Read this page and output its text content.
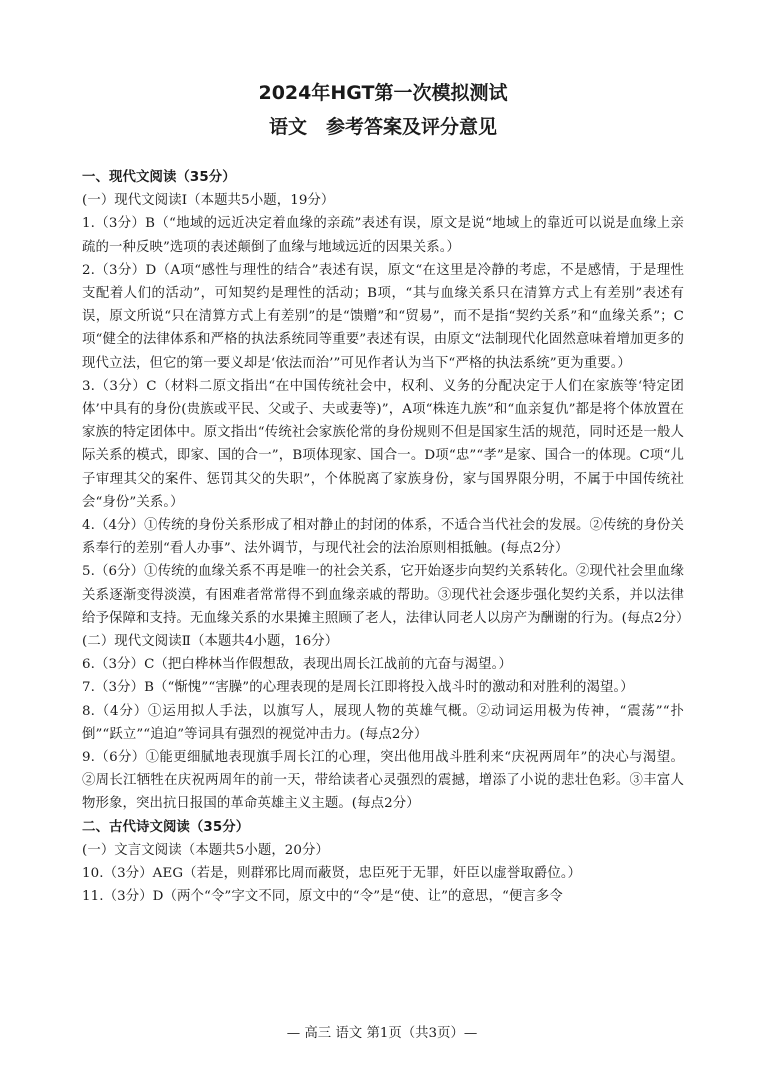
2024年HGT第一次模拟测试
语文　参考答案及评分意见

一、现代文阅读（35分）

(一）现代文阅读Ⅰ（本题共5小题，19分）

1.（3分）B（“地域的远近决定着血缘的亲疏”表述有误，原文是说“地域上的靠近可以说是血缘上亲疏的一种反映”选项的表述颠倒了血缘与地域远近的因果关系。）

2.（3分）D（A项“感性与理性的结合”表述有误，原文“在这里是冷静的考虑，不是感情，于是理性支配着人们的活动”，可知契约是理性的活动；B项，“其与血缘关系只在清算方式上有差别”表述有误，原文所说“只在清算方式上有差别”的是“馈赠”和“贸易”，而不是指“契约关系”和“血缘关系”；C项“健全的法律体系和严格的执法系统同等重要”表述有误，由原文“法制现代化固然意味着增加更多的现代立法，但它的第一要义却是‘依法而治’”可见作者认为当下“严格的执法系统”更为重要。）

3.（3分）C（材料二原文指出“在中国传统社会中，权利、义务的分配决定于人们在家族等‘特定团体’中具有的身份(贵族或平民、父或子、夫或妻等)”，A项“株连九族”和“血亲复仇”都是将个体放置在家族的特定团体中。原文指出“传统社会家族伦常的身份规则不但是国家生活的规范，同时还是一般人际关系的模式，即家、国的合一”，B项体现家、国合一。D项“忠”“孝”是家、国合一的体现。C项“儿子审理其父的案件、惩罚其父的失职”，个体脱离了家族身份，家与国界限分明，不属于中国传统社会“身份”关系。）

4.（4分）①传统的身份关系形成了相对静止的封闭的体系，不适合当代社会的发展。②传统的身份关系奉行的差别“看人办事”、法外调节，与现代社会的法治原则相抵触。(每点2分）

5.（6分）①传统的血缘关系不再是唯一的社会关系，它开始逐步向契约关系转化。②现代社会里血缘关系逐渐变得淡漠，有困难者常常得不到血缘亲戚的帮助。③现代社会逐步强化契约关系，并以法律给予保障和支持。无血缘关系的水果摊主照顾了老人，法律认同老人以房产为酬谢的行为。(每点2分）

(二）现代文阅读Ⅱ（本题共4小题，16分）

6.（3分）C（把白桦林当作假想敌，表现出周长江战前的亢奋与渴望。）

7.（3分）B（“惭愧”“害臊”的心理表现的是周长江即将投入战斗时的激动和对胜利的渴望。）

8.（4分）①运用拟人手法，以旗写人，展现人物的英雄气概。②动词运用极为传神，“震荡”“扑倒”“跃立”“追迫”等词具有强烈的视觉冲击力。(每点2分）

9.（6分）①能更细腻地表现旗手周长江的心理，突出他用战斗胜利来“庆祝两周年”的决心与渴望。②周长江牺牲在庆祝两周年的前一天，带给读者心灵强烈的震撼，增添了小说的悲壮色彩。③丰富人物形象，突出抗日报国的革命英雄主义主题。(每点2分）

二、古代诗文阅读（35分）

(一）文言文阅读（本题共5小题，20分）

10.（3分）AEG（若是，则群邪比周而蔽贤，忠臣死于无罪，奸臣以虚誉取爵位。）

11.（3分）D（两个“令”字文不同，原文中的“令”是“使、让”的意思，“便言多令

— 高三 语文 第1页（共3页）—
